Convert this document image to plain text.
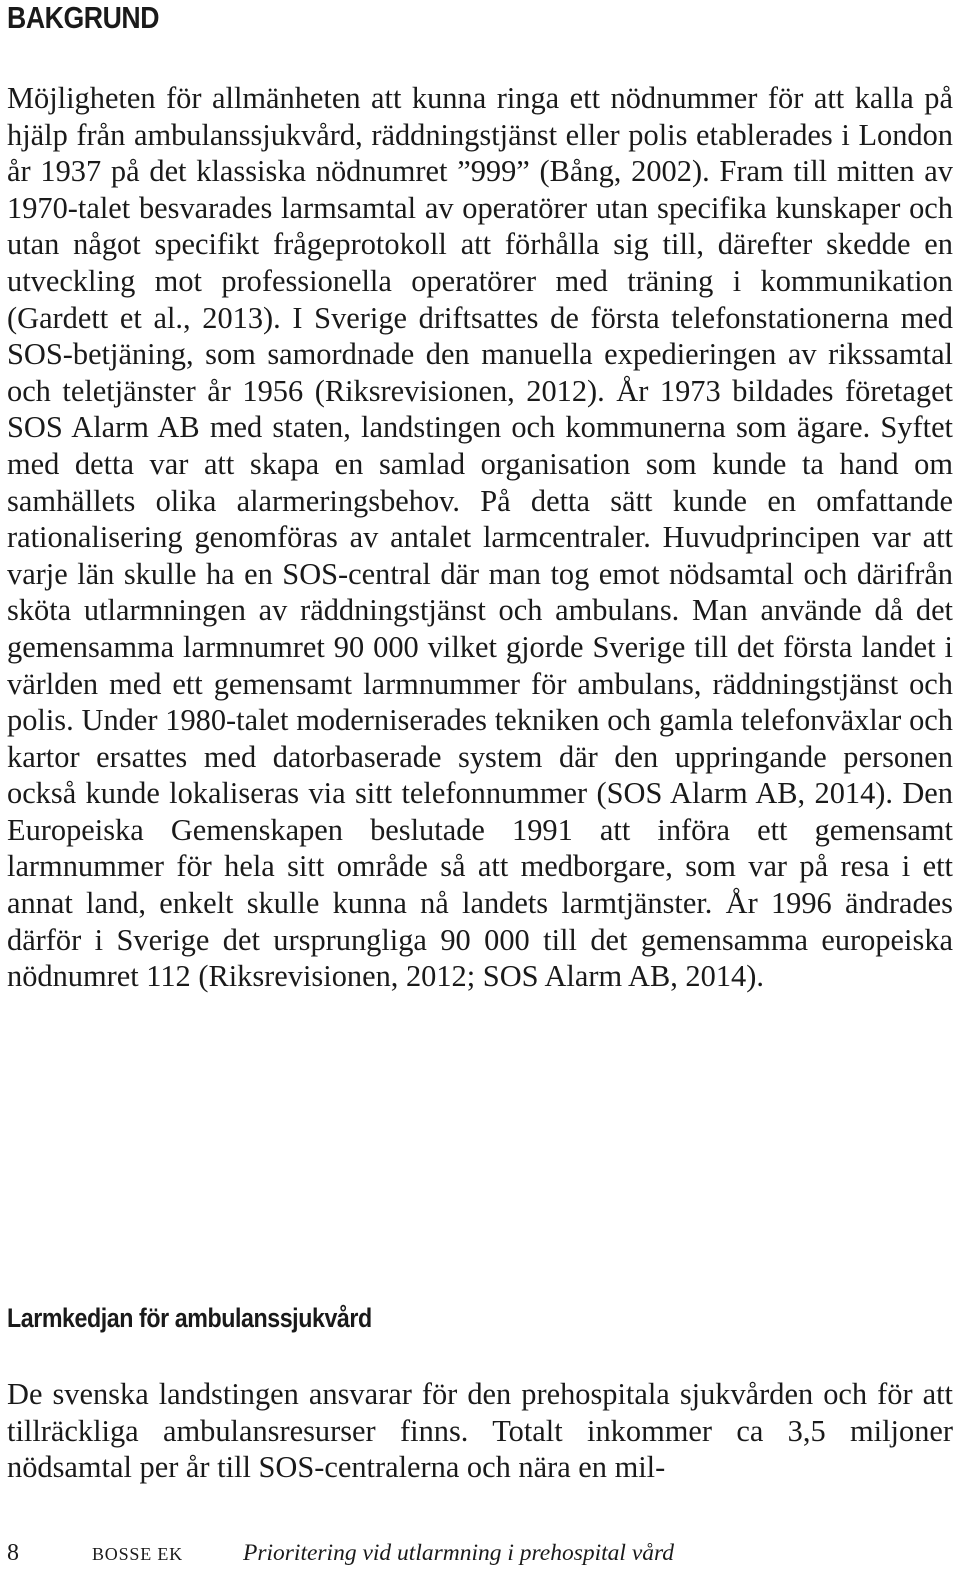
BAKGRUND

Möjligheten för allmänheten att kunna ringa ett nödnummer för att kalla på hjälp från ambulanssjukvård, räddningstjänst eller polis etablerades i London år 1937 på det klassiska nödnumret ”999” (Bång, 2002). Fram till mitten av 1970-talet besvarades larmsamtal av operatörer utan specifika kunskaper och utan något specifikt frågeprotokoll att förhålla sig till, därefter skedde en utveckling mot professionella operatörer med träning i kommunikation (Gardett et al., 2013). I Sverige driftsattes de första telefonstationerna med SOS-betjäning, som samordnade den manuella expedieringen av rikssamtal och teletjänster år 1956 (Riksrevisionen, 2012). År 1973 bildades företaget SOS Alarm AB med staten, landstingen och kommunerna som ägare. Syftet med detta var att skapa en samlad organisation som kunde ta hand om samhällets olika alarmeringsbehov. På detta sätt kunde en omfattande rationalisering genomföras av antalet larmcentraler. Huvudprincipen var att varje län skulle ha en SOS-central där man tog emot nödsamtal och därifrån sköta utlarmningen av räddningstjänst och ambulans. Man använde då det gemensamma larmnumret 90 000 vilket gjorde Sverige till det första landet i världen med ett gemensamt larmnummer för ambulans, räddningstjänst och polis. Under 1980-talet moderniserades tekniken och gamla telefonväxlar och kartor ersattes med datorbaserade system där den uppringande personen också kunde lokaliseras via sitt telefonnummer (SOS Alarm AB, 2014). Den Europeiska Gemenskapen beslutade 1991 att införa ett gemensamt larmnummer för hela sitt område så att medborgare, som var på resa i ett annat land, enkelt skulle kunna nå landets larmtjänster. År 1996 ändrades därför i Sverige det ursprungliga 90 000 till det gemensamma europeiska nödnumret 112 (Riksrevisionen, 2012; SOS Alarm AB, 2014).

Larmkedjan för ambulanssjukvård

De svenska landstingen ansvarar för den prehospitala sjukvården och för att tillräckliga ambulansresurser finns. Totalt inkommer ca 3,5 miljoner nödsamtal per år till SOS-centralerna och nära en mil-

8	BOSSE EK	Prioritering vid utlarmning i prehospital vård
